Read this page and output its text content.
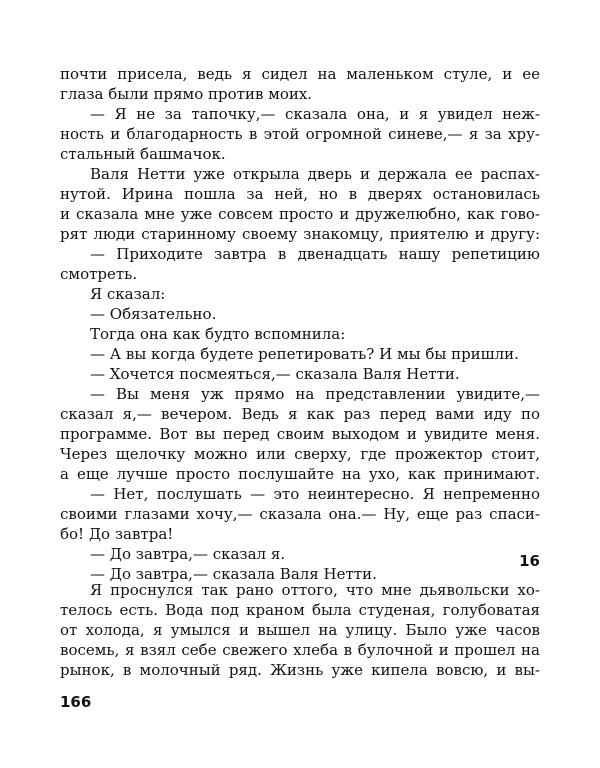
почти присела, ведь я сидел на маленьком стуле, и ее
глаза были прямо против моих.
— Я не за тапочку,— сказала она, и я увидел неж-
ность и благодарность в этой огромной синеве,— я за хру-
стальный башмачок.
Валя Нетти уже открыла дверь и держала ее распах-
нутой. Ирина пошла за ней, но в дверях остановилась
и сказала мне уже совсем просто и дружелюбно, как гово-
рят люди старинному своему знакомцу, приятелю и другу:
— Приходите завтра в двенадцать нашу репетицию
смотреть.
Я сказал:
— Обязательно.
Тогда она как будто вспомнила:
— А вы когда будете репетировать? И мы бы пришли.
— Хочется посмеяться,— сказала Валя Нетти.
— Вы меня уж прямо на представлении увидите,—
сказал я,— вечером. Ведь я как раз перед вами иду по
программе. Вот вы перед своим выходом и увидите меня.
Через щелочку можно или сверху, где прожектор стоит,
а еще лучше просто послушайте на ухо, как принимают.
— Нет, послушать — это неинтересно. Я непременно
своими глазами хочу,— сказала она.— Ну, еще раз спаси-
бо! До завтра!
— До завтра,— сказал я.
— До завтра,— сказала Валя Нетти.
16
Я проснулся так рано оттого, что мне дьявольски хо-
телось есть. Вода под краном была студеная, голубоватая
от холода, я умылся и вышел на улицу. Было уже часов
восемь, я взял себе свежего хлеба в булочной и прошел на
рынок, в молочный ряд. Жизнь уже кипела вовсю, и вы-
166
